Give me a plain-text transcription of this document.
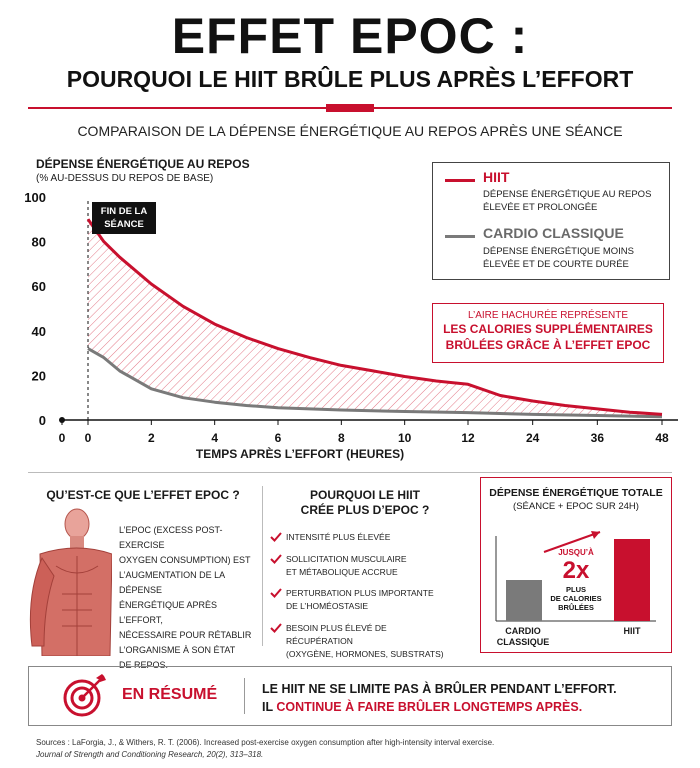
EFFET EPOC :
POURQUOI LE HIIT BRÛLE PLUS APRÈS L’EFFORT
COMPARAISON DE LA DÉPENSE ÉNERGÉTIQUE AU REPOS APRÈS UNE SÉANCE
DÉPENSE ÉNERGÉTIQUE AU REPOS
(% AU-DESSUS DU REPOS DE BASE)
0
20
40
60
80
100
0 0	2	4	6	8	10	12	24	36	48
FIN DE LA SÉANCE
TEMPS APRÈS L’EFFORT (HEURES)
HIIT
DÉPENSE ÉNERGÉTIQUE AU REPOS ÉLEVÉE ET PROLONGÉE
CARDIO CLASSIQUE
DÉPENSE ÉNERGÉTIQUE MOINS ÉLEVÉE ET DE COURTE DURÉE
L’AIRE HACHURÉE REPRÉSENTE
LES CALORIES SUPPLÉMENTAIRES
BRÛLÉES GRÂCE À L’EFFET EPOC
QU’EST-CE QUE L’EFFET EPOC ?
L’EPOC (EXCESS POST-EXERCISE
OXYGEN CONSUMPTION) EST
L’AUGMENTATION DE LA DÉPENSE
ÉNERGÉTIQUE APRÈS L’EFFORT,
NÉCESSAIRE POUR RÉTABLIR
L’ORGANISME À SON ÉTAT
DE REPOS.
POURQUOI LE HIIT
CRÉE PLUS D’EPOC ?
INTENSITÉ PLUS ÉLEVÉE
SOLLICITATION MUSCULAIRE
ET MÉTABOLIQUE ACCRUE
PERTURBATION PLUS IMPORTANTE
DE L’HOMÉOSTASIE
BESOIN PLUS ÉLEVÉ DE RÉCUPÉRATION
(OXYGÈNE, HORMONES, SUBSTRATS)
DÉPENSE ÉNERGÉTIQUE TOTALE
(SÉANCE + EPOC SUR 24H)
JUSQU’À
2x
PLUS
DE CALORIES
BRÛLÉES
CARDIO
CLASSIQUE
HIIT
EN RÉSUMÉ	LE HIIT NE SE LIMITE PAS À BRÛLER PENDANT L’EFFORT.
IL CONTINUE À FAIRE BRÛLER LONGTEMPS APRÈS.
Sources : LaForgia, J., & Withers, R. T. (2006). Increased post-exercise oxygen consumption after high-intensity interval exercise.
Journal of Strength and Conditioning Research, 20(2), 313–318.
